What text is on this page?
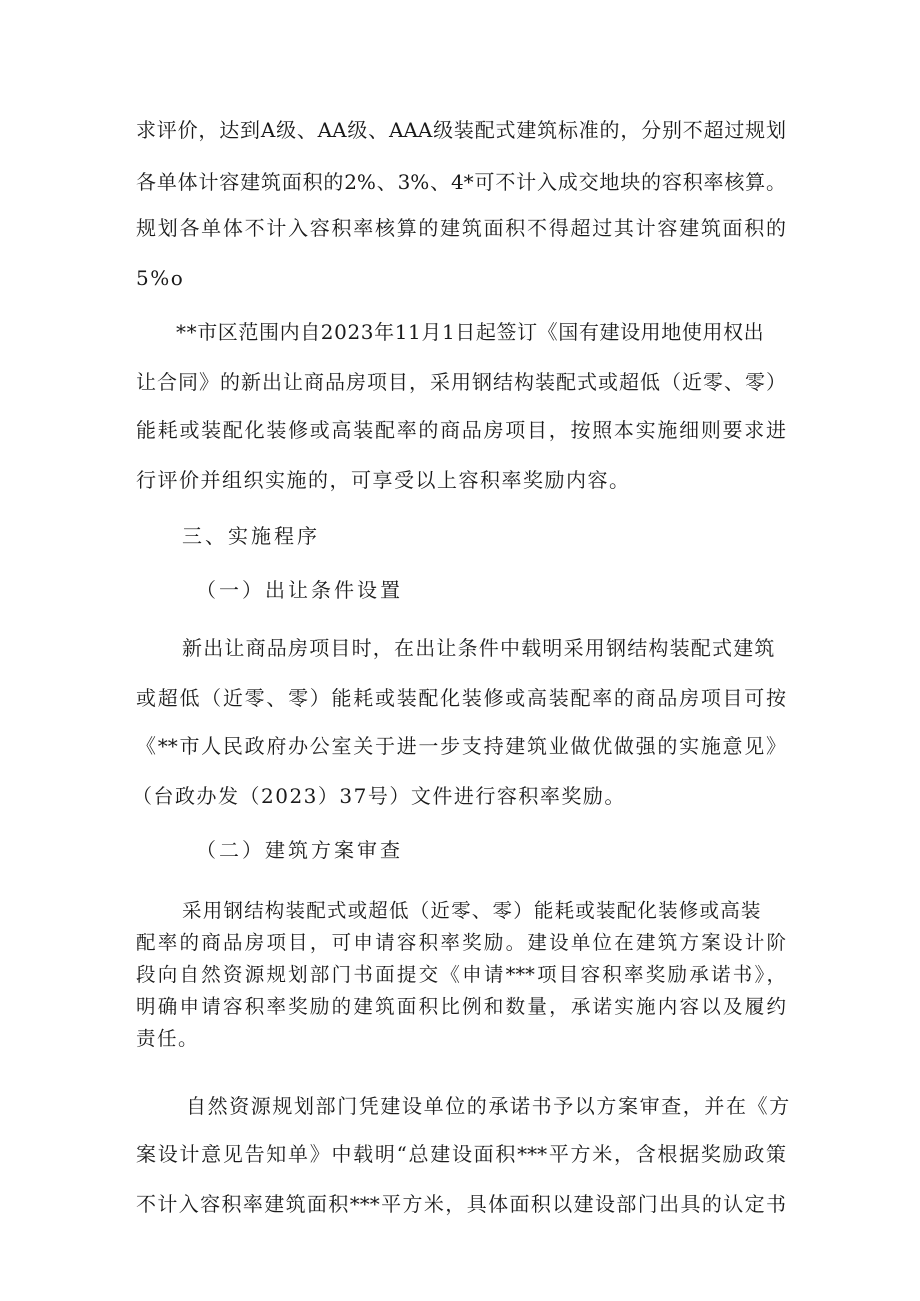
求评价，达到A级、AA级、AAA级装配式建筑标准的，分别不超过规划
各单体计容建筑面积的2%、3%、4*可不计入成交地块的容积率核算。
规划各单体不计入容积率核算的建筑面积不得超过其计容建筑面积的
5%o
**市区范围内自2023年11月1日起签订《国有建设用地使用权出
让合同》的新出让商品房项目，采用钢结构装配式或超低（近零、零）
能耗或装配化装修或高装配率的商品房项目，按照本实施细则要求进
行评价并组织实施的，可享受以上容积率奖励内容。
三、实施程序
（一）出让条件设置
新出让商品房项目时，在出让条件中载明采用钢结构装配式建筑
或超低（近零、零）能耗或装配化装修或高装配率的商品房项目可按
《**市人民政府办公室关于进一步支持建筑业做优做强的实施意见》
（台政办发（2023）37号）文件进行容积率奖励。
（二）建筑方案审查
采用钢结构装配式或超低（近零、零）能耗或装配化装修或高装
配率的商品房项目，可申请容积率奖励。建设单位在建筑方案设计阶
段向自然资源规划部门书面提交《申请***项目容积率奖励承诺书》，
明确申请容积率奖励的建筑面积比例和数量，承诺实施内容以及履约
责任。
自然资源规划部门凭建设单位的承诺书予以方案审查，并在《方
案设计意见告知单》中载明“总建设面积***平方米，含根据奖励政策
不计入容积率建筑面积***平方米，具体面积以建设部门出具的认定书
